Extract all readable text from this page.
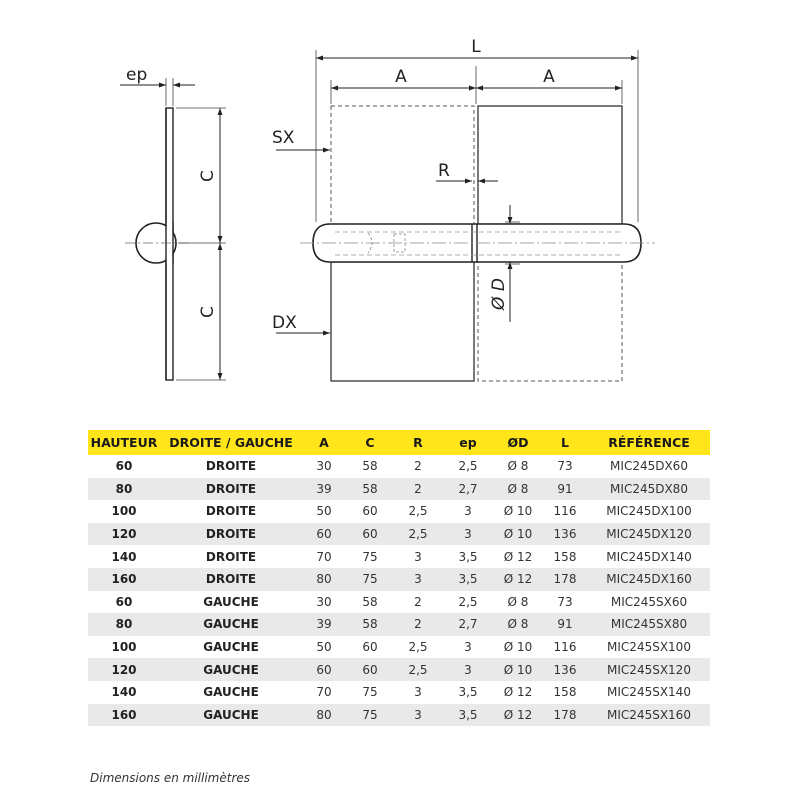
ep
C
C
L
A	A
SX
R
DX
Ø D
HAUTEUR	DROITE / GAUCHE	A	C	R	ep	ØD	L	RÉFÉRENCE
60	DROITE	30	58	2	2,5	Ø 8	73	MIC245DX60
80	DROITE	39	58	2	2,7	Ø 8	91	MIC245DX80
100	DROITE	50	60	2,5	3	Ø 10	116	MIC245DX100
120	DROITE	60	60	2,5	3	Ø 10	136	MIC245DX120
140	DROITE	70	75	3	3,5	Ø 12	158	MIC245DX140
160	DROITE	80	75	3	3,5	Ø 12	178	MIC245DX160
60	GAUCHE	30	58	2	2,5	Ø 8	73	MIC245SX60
80	GAUCHE	39	58	2	2,7	Ø 8	91	MIC245SX80
100	GAUCHE	50	60	2,5	3	Ø 10	116	MIC245SX100
120	GAUCHE	60	60	2,5	3	Ø 10	136	MIC245SX120
140	GAUCHE	70	75	3	3,5	Ø 12	158	MIC245SX140
160	GAUCHE	80	75	3	3,5	Ø 12	178	MIC245SX160
Dimensions en millimètres
